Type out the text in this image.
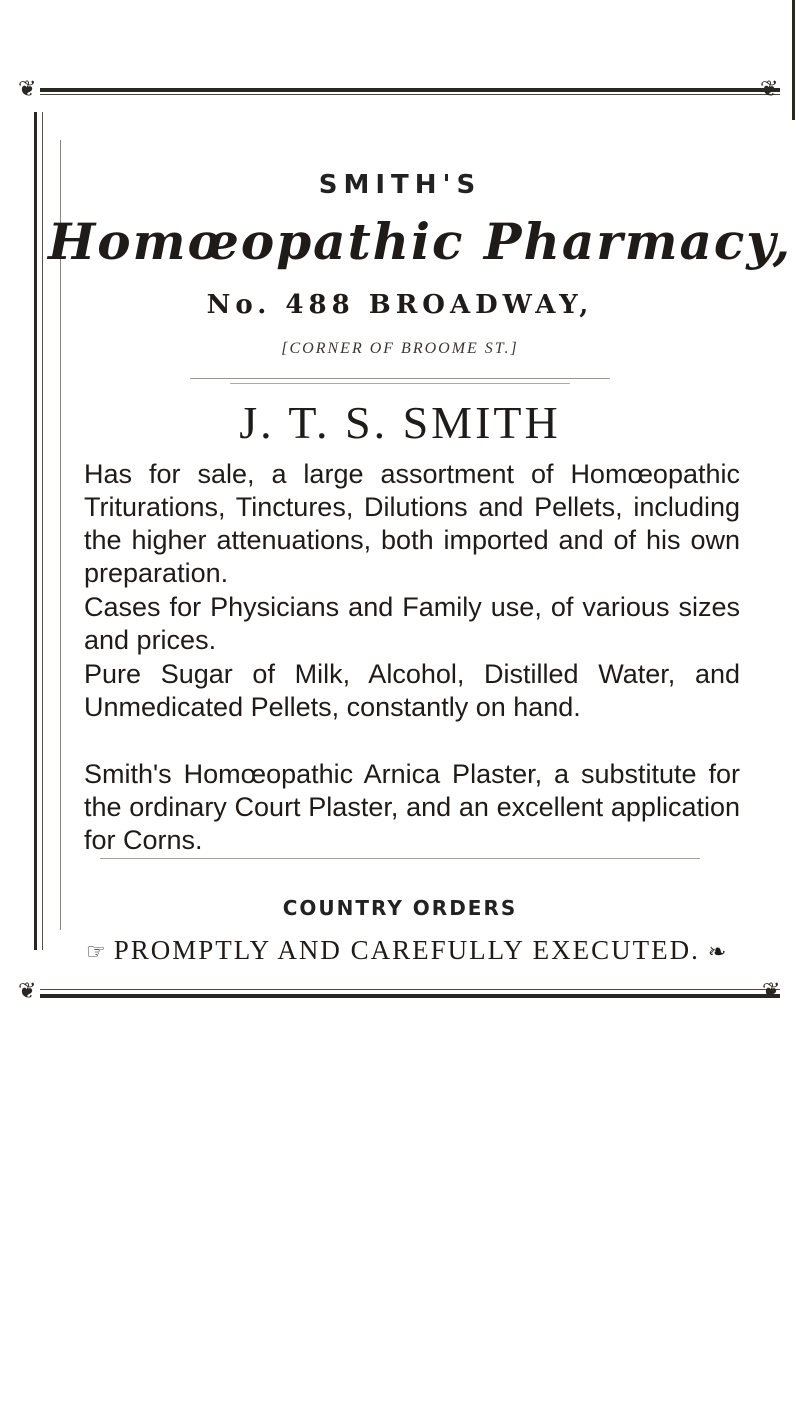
❦	❦
❦	❦
SMITH'S
Homœopathic Pharmacy,
No. 488 BROADWAY,
[CORNER OF BROOME ST.]
J. T. S. SMITH

Has for sale, a large assortment of Homœopathic Triturations, Tinctures, Dilutions and Pellets, including the higher attenuations, both imported and of his own preparation.

Cases for Physicians and Family use, of various sizes and prices.

Pure Sugar of Milk, Alcohol, Distilled Water, and Unmedicated Pellets, constantly on hand.

Smith's Homœopathic Arnica Plaster, a substitute for the ordinary Court Plaster, and an excellent application for Corns.

COUNTRY ORDERS
☞ PROMPTLY AND CAREFULLY EXECUTED. ❧
